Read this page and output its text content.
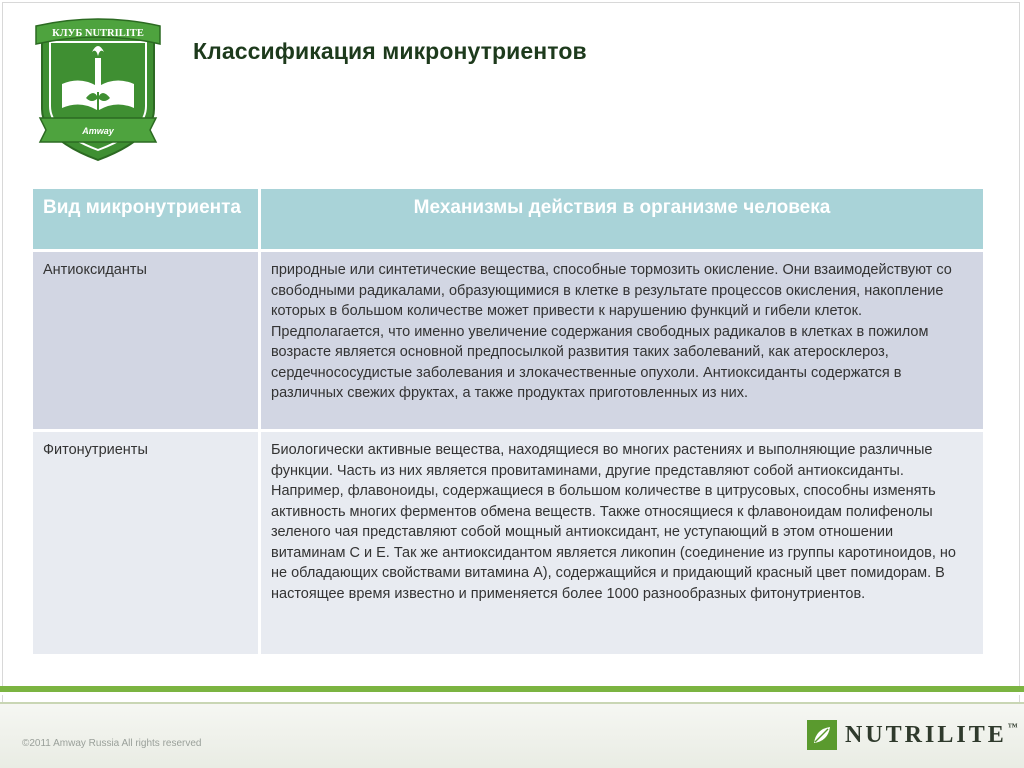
КЛУБ NUTRILITE
Amway
Классификация микронутриентов
Вид микронутриента	Механизмы действия в организме человека
Антиоксиданты	природные или синтетические вещества, способные тормозить окисление. Они взаимодействуют со свободными радикалами, образующимися в клетке в результате процессов окисления, накопление которых в большом количестве может привести к нарушению функций и гибели клеток. Предполагается, что именно увеличение содержания свободных радикалов в клетках в пожилом возрасте является основной предпосылкой развития таких заболеваний, как атеросклероз, сердечнососудистые заболевания и злокачественные опухоли. Антиоксиданты содержатся в различных свежих фруктах, а также продуктах приготовленных из них.
Фитонутриенты	Биологически активные вещества, находящиеся во многих растениях и выполняющие различные функции. Часть из них является провитаминами, другие представляют собой антиоксиданты. Например, флавоноиды, содержащиеся в большом количестве в цитрусовых, способны изменять активность многих ферментов обмена веществ. Также относящиеся к флавоноидам полифенолы зеленого чая представляют собой мощный антиоксидант, не уступающий в этом отношении витаминам С и Е. Так же антиоксидантом является ликопин (соединение из группы каротиноидов, но не обладающих свойствами витамина А), содержащийся и придающий красный цвет помидорам. В настоящее время известно и применяется более 1000 разнообразных фитонутриентов.
©2011 Amway Russia All rights reserved	NUTRILITE™
